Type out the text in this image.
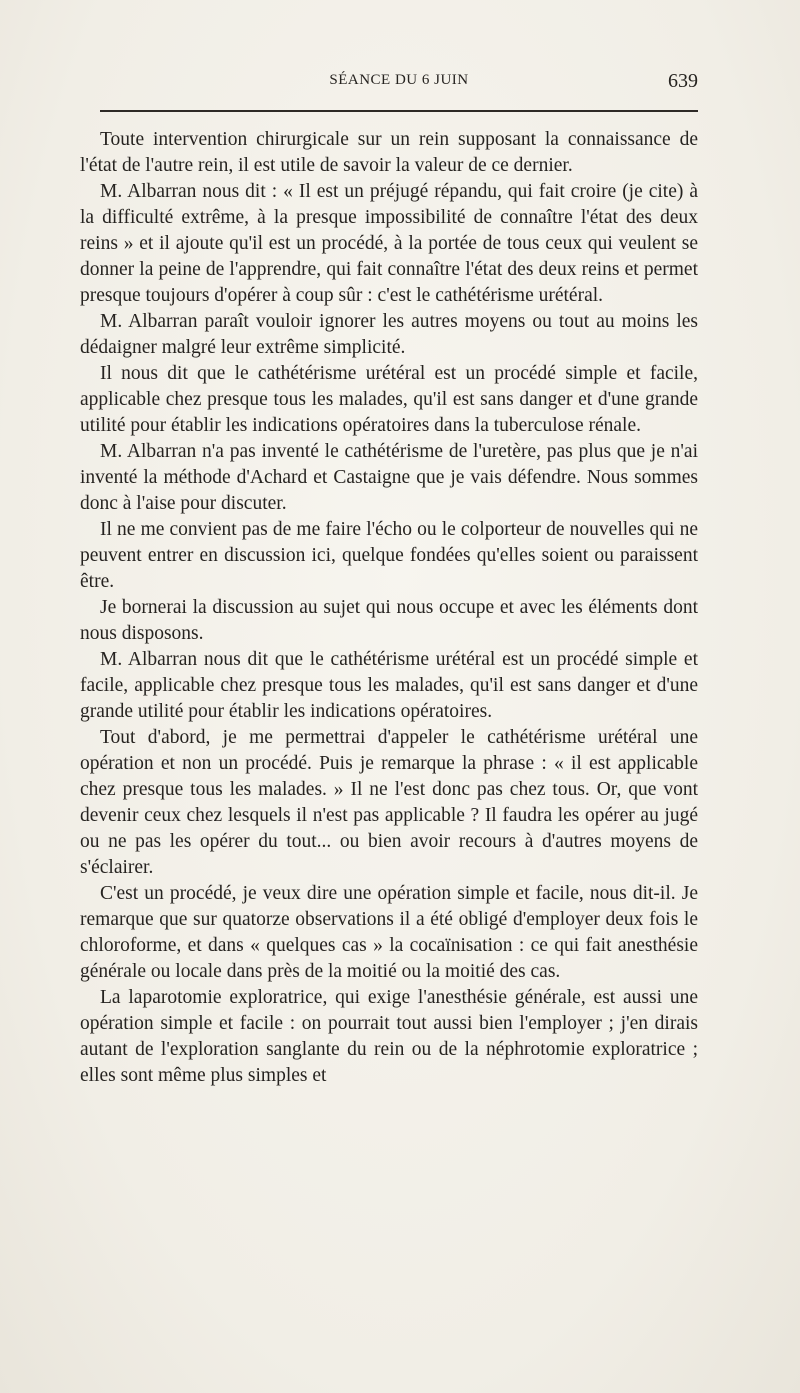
SÉANCE DU 6 JUIN	639

Toute intervention chirurgicale sur un rein supposant la connaissance de l'état de l'autre rein, il est utile de savoir la valeur de ce dernier.

M. Albarran nous dit : « Il est un préjugé répandu, qui fait croire (je cite) à la difficulté extrême, à la presque impossibilité de connaître l'état des deux reins » et il ajoute qu'il est un procédé, à la portée de tous ceux qui veulent se donner la peine de l'apprendre, qui fait connaître l'état des deux reins et permet presque toujours d'opérer à coup sûr : c'est le cathétérisme urétéral.

M. Albarran paraît vouloir ignorer les autres moyens ou tout au moins les dédaigner malgré leur extrême simplicité.

Il nous dit que le cathétérisme urétéral est un procédé simple et facile, applicable chez presque tous les malades, qu'il est sans danger et d'une grande utilité pour établir les indications opératoires dans la tuberculose rénale.

M. Albarran n'a pas inventé le cathétérisme de l'uretère, pas plus que je n'ai inventé la méthode d'Achard et Castaigne que je vais défendre. Nous sommes donc à l'aise pour discuter.

Il ne me convient pas de me faire l'écho ou le colporteur de nouvelles qui ne peuvent entrer en discussion ici, quelque fondées qu'elles soient ou paraissent être.

Je bornerai la discussion au sujet qui nous occupe et avec les éléments dont nous disposons.

M. Albarran nous dit que le cathétérisme urétéral est un procédé simple et facile, applicable chez presque tous les malades, qu'il est sans danger et d'une grande utilité pour établir les indications opératoires.

Tout d'abord, je me permettrai d'appeler le cathétérisme urétéral une opération et non un procédé. Puis je remarque la phrase : « il est applicable chez presque tous les malades. » Il ne l'est donc pas chez tous. Or, que vont devenir ceux chez lesquels il n'est pas applicable ? Il faudra les opérer au jugé ou ne pas les opérer du tout... ou bien avoir recours à d'autres moyens de s'éclairer.

C'est un procédé, je veux dire une opération simple et facile, nous dit-il. Je remarque que sur quatorze observations il a été obligé d'employer deux fois le chloroforme, et dans « quelques cas » la cocaïnisation : ce qui fait anesthésie générale ou locale dans près de la moitié ou la moitié des cas.

La laparotomie exploratrice, qui exige l'anesthésie générale, est aussi une opération simple et facile : on pourrait tout aussi bien l'employer ; j'en dirais autant de l'exploration sanglante du rein ou de la néphrotomie exploratrice ; elles sont même plus simples et
